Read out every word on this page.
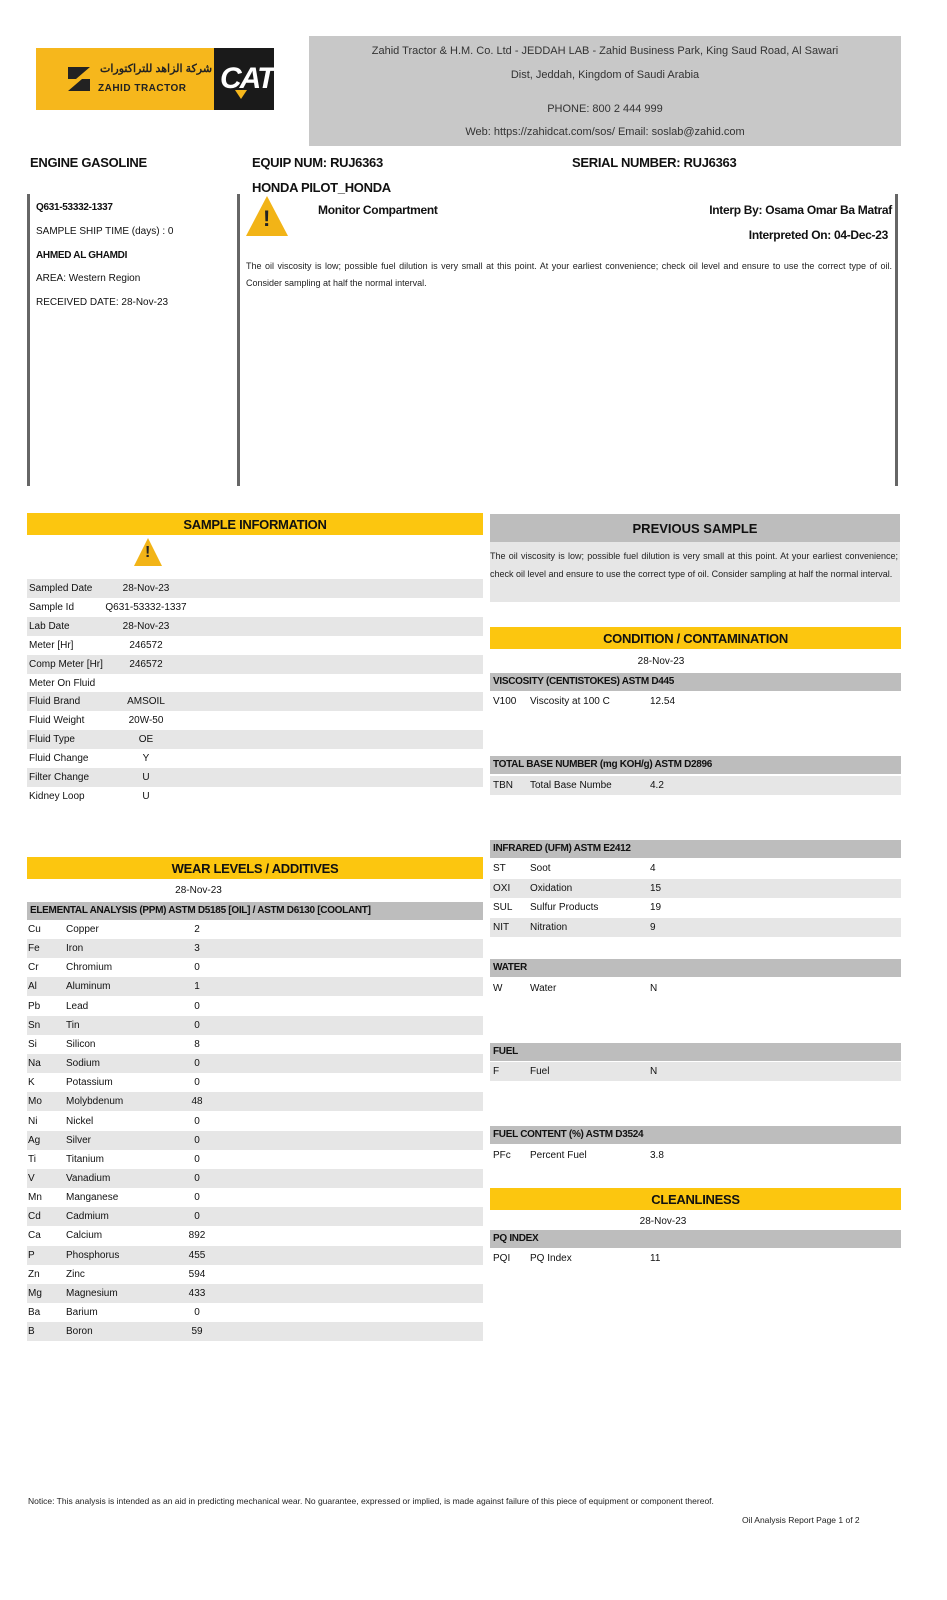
شركة الزاهد للتراكتورات
ZAHID TRACTOR CAT
Zahid Tractor & H.M. Co. Ltd - JEDDAH LAB - Zahid Business Park, King Saud Road, Al Sawari
Dist, Jeddah, Kingdom of Saudi Arabia
PHONE: 800 2 444 999
Web: https://zahidcat.com/sos/ Email: soslab@zahid.com
ENGINE GASOLINE	EQUIP NUM: RUJ6363	SERIAL NUMBER: RUJ6363
HONDA PILOT_HONDA
Q631-53332-1337
SAMPLE SHIP TIME (days) : 0
AHMED AL GHAMDI
AREA: Western Region
RECEIVED DATE: 28-Nov-23
!	Monitor Compartment	Interp By: Osama Omar Ba Matraf
Interpreted On: 04-Dec-23
The oil viscosity is low; possible fuel dilution is very small at this point. At your earliest convenience; check oil level and ensure to use the correct type of oil. Consider sampling at half the normal interval.
SAMPLE INFORMATION
!
Sampled Date	28-Nov-23
Sample Id	Q631-53332-1337
Lab Date	28-Nov-23
Meter [Hr]	246572
Comp Meter [Hr]	246572
Meter On Fluid
Fluid Brand	AMSOIL
Fluid Weight	20W-50
Fluid Type	OE
Fluid Change	Y
Filter Change	U
Kidney Loop	U
PREVIOUS SAMPLE
The oil viscosity is low; possible fuel dilution is very small at this point. At your earliest convenience; check oil level and ensure to use the correct type of oil. Consider sampling at half the normal interval.
CONDITION / CONTAMINATION
28-Nov-23
VISCOSITY (CENTISTOKES) ASTM D445
V100 Viscosity at 100 C	12.54
TOTAL BASE NUMBER (mg KOH/g) ASTM D2896
TBN Total Base Numbe	4.2
INFRARED (UFM) ASTM E2412
ST Soot	4
OXI Oxidation	15
SUL Sulfur Products	19
NIT Nitration	9
WATER
W	Water	N
FUEL
F	Fuel	N
FUEL CONTENT (%) ASTM D3524
PFc Percent Fuel	3.8
CLEANLINESS
28-Nov-23
PQ INDEX
PQI PQ Index	11
WEAR LEVELS / ADDITIVES
28-Nov-23
ELEMENTAL ANALYSIS (PPM) ASTM D5185 [OIL] / ASTM D6130 [COOLANT]
Cu	Copper	2
Fe	Iron	3
Cr	Chromium	0
Al	Aluminum	1
Pb	Lead	0
Sn	Tin	0
Si	Silicon	8
Na	Sodium	0
K	Potassium	0
Mo Molybdenum	48
Ni	Nickel	0
Ag	Silver	0
Ti	Titanium	0
V	Vanadium	0
Mn Manganese	0
Cd	Cadmium	0
Ca	Calcium	892
P	Phosphorus	455
Zn	Zinc	594
Mg Magnesium	433
Ba	Barium	0
B	Boron	59
Notice: This analysis is intended as an aid in predicting mechanical wear. No guarantee, expressed or implied, is made against failure of this piece of equipment or component thereof.
Oil Analysis Report Page 1 of 2
